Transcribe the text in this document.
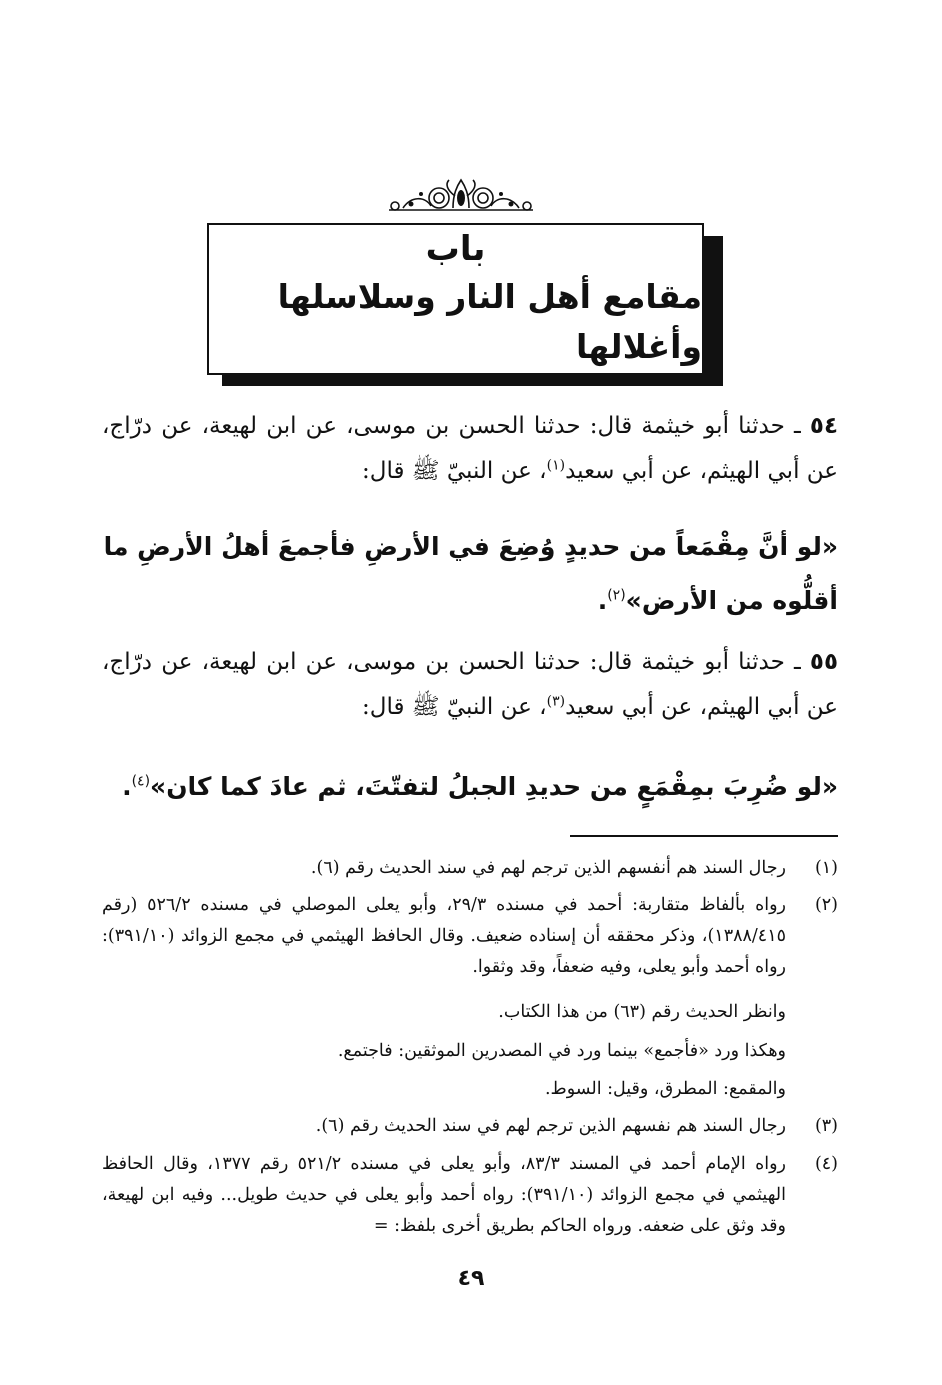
باب
مقامع أهل النار وسلاسلها وأغلالها
٥٤ ـ حدثنا أبو خيثمة قال: حدثنا الحسن بن موسى، عن ابن لهيعة، عن درّاج، عن أبي الهيثم، عن أبي سعيد$^{(١)}$، عن النبيّ ﷺ قال:
«لو أنَّ مِقْمَعاً من حديدٍ وُضِعَ في الأرضِ فأجمعَ أهلُ الأرضِ ما أقلُّوه من الأرض»$^{(٢)}$.
٥٥ ـ حدثنا أبو خيثمة قال: حدثنا الحسن بن موسى، عن ابن لهيعة، عن درّاج، عن أبي الهيثم، عن أبي سعيد$^{(٣)}$، عن النبيّ ﷺ قال:
«لو ضُرِبَ بمِقْمَعٍ من حديدِ الجبلُ لتفتّتَ، ثم عادَ كما كان»$^{(٤)}$.
(١)
رجال السند هم أنفسهم الذين ترجم لهم في سند الحديث رقم (٦).
(٢)
رواه بألفاظ متقاربة: أحمد في مسنده ٢٩/٣، وأبو يعلى الموصلي في مسنده ٥٢٦/٢ (رقم ١٣٨٨/٤١٥)، وذكر محققه أن إسناده ضعيف. وقال الحافظ الهيثمي في مجمع الزوائد (٣٩١/١٠): رواه أحمد وأبو يعلى، وفيه ضعفاً، وقد وثقوا.
وانظر الحديث رقم (٦٣) من هذا الكتاب.
وهكذا ورد «فأجمع» بينما ورد في المصدرين الموثقين: فاجتمع.
والمقمع: المطرق، وقيل: السوط.
(٣)
رجال السند هم نفسهم الذين ترجم لهم في سند الحديث رقم (٦).
(٤)
رواه الإمام أحمد في المسند ٨٣/٣، وأبو يعلى في مسنده ٥٢١/٢ رقم ١٣٧٧، وقال الحافظ الهيثمي في مجمع الزوائد (٣٩١/١٠): رواه أحمد وأبو يعلى في حديث طويل... وفيه ابن لهيعة، وقد وثق على ضعفه. ورواه الحاكم بطريق أخرى بلفظ: =
٤٩
